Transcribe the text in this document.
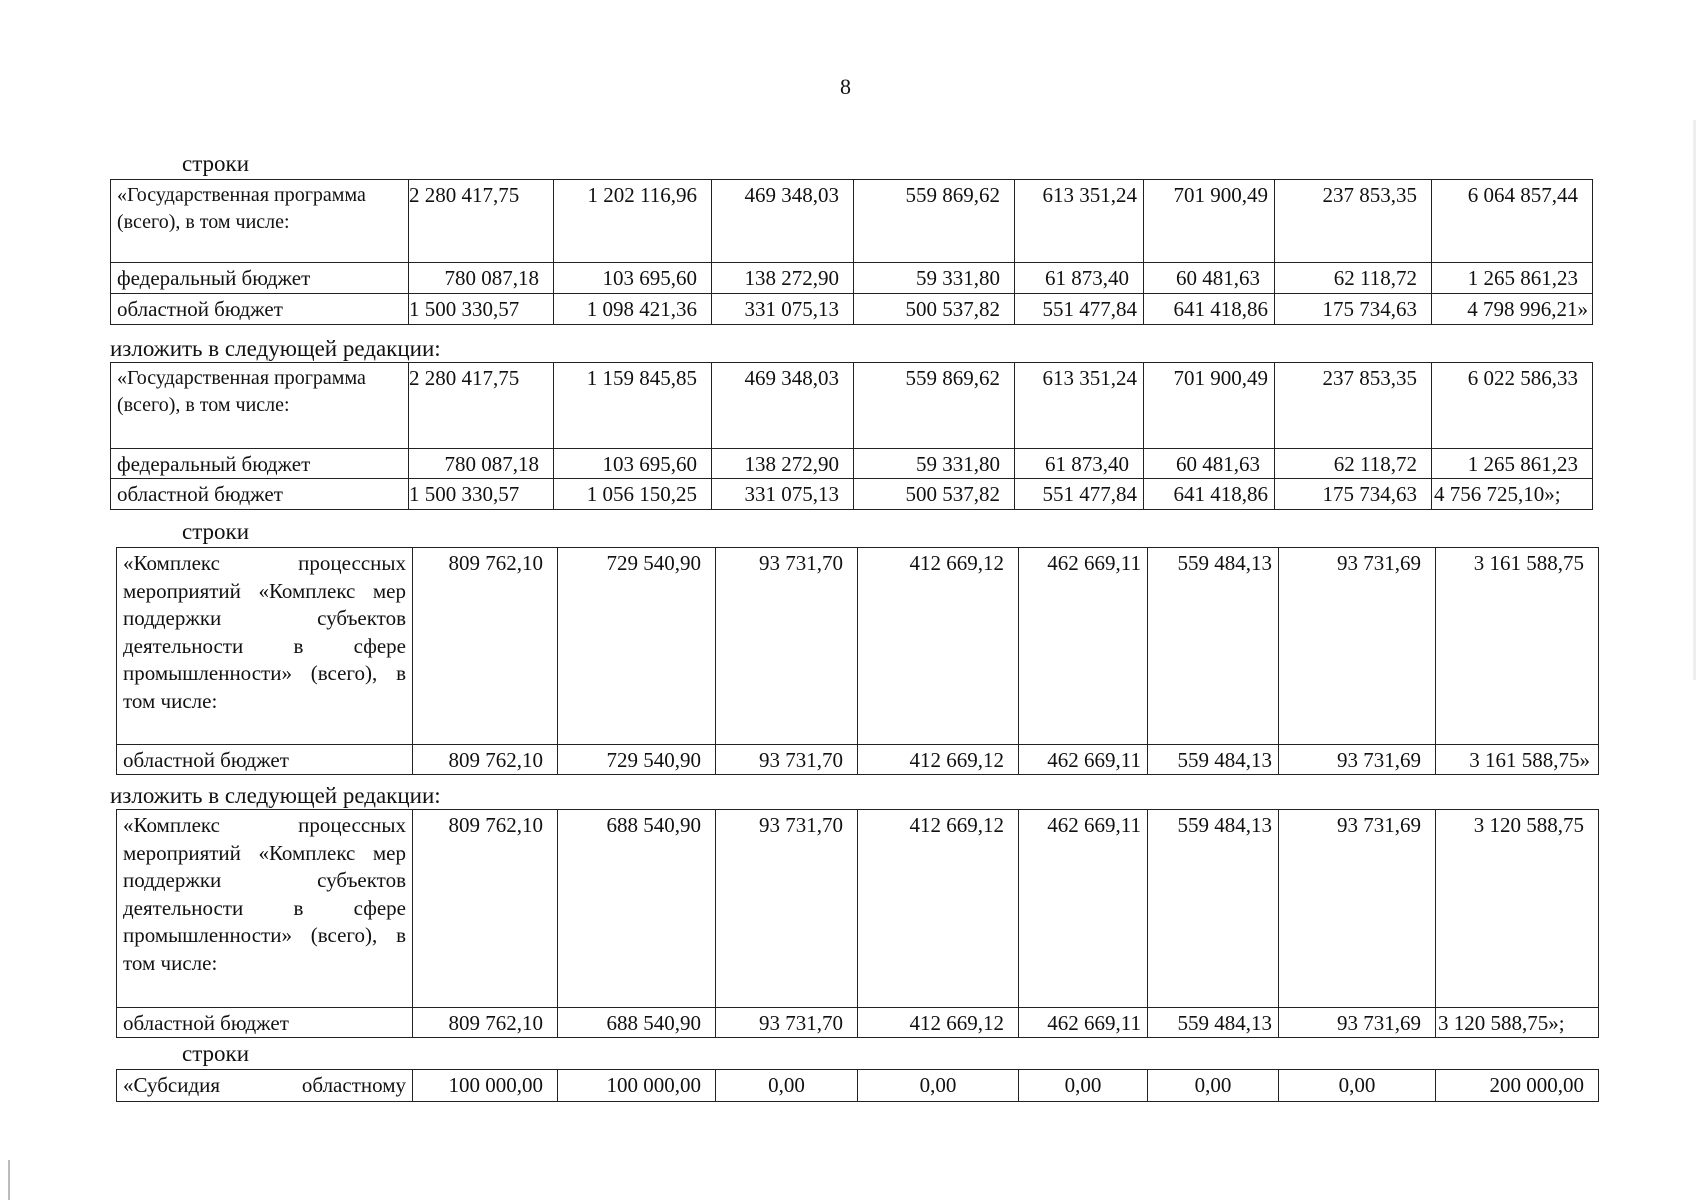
8
строки
«Государственная программа (всего), в том числе:	2 280 417,75	1 202 116,96	469 348,03	559 869,62	613 351,24	701 900,49	237 853,35	6 064 857,44
федеральный бюджет	780 087,18	103 695,60	138 272,90	59 331,80	61 873,40	60 481,63	62 118,72	1 265 861,23
областной бюджет	1 500 330,57	1 098 421,36	331 075,13	500 537,82	551 477,84	641 418,86	175 734,63	4 798 996,21»
изложить в следующей редакции:
«Государственная программа (всего), в том числе:	2 280 417,75	1 159 845,85	469 348,03	559 869,62	613 351,24	701 900,49	237 853,35	6 022 586,33
федеральный бюджет	780 087,18	103 695,60	138 272,90	59 331,80	61 873,40	60 481,63	62 118,72	1 265 861,23
областной бюджет	1 500 330,57	1 056 150,25	331 075,13	500 537,82	551 477,84	641 418,86	175 734,63	4 756 725,10»;
строки
«Комплекс процессных мероприятий «Комплекс мер поддержки субъектов деятельности в сфере промышленности» (всего), в том числе:	809 762,10	729 540,90	93 731,70	412 669,12	462 669,11	559 484,13	93 731,69	3 161 588,75
областной бюджет	809 762,10	729 540,90	93 731,70	412 669,12	462 669,11	559 484,13	93 731,69	3 161 588,75»
изложить в следующей редакции:
«Комплекс процессных мероприятий «Комплекс мер поддержки субъектов деятельности в сфере промышленности» (всего), в том числе:	809 762,10	688 540,90	93 731,70	412 669,12	462 669,11	559 484,13	93 731,69	3 120 588,75
областной бюджет	809 762,10	688 540,90	93 731,70	412 669,12	462 669,11	559 484,13	93 731,69	3 120 588,75»;
строки
«Субсидия областному	100 000,00	100 000,00	0,00	0,00	0,00	0,00	0,00	200 000,00
